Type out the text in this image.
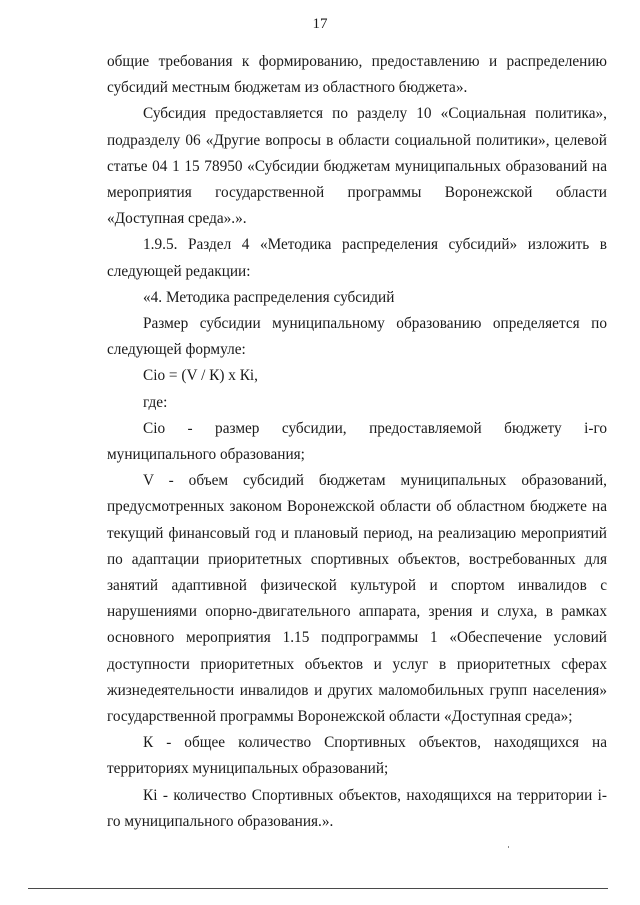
17

общие требования к формированию, предоставлению и распределению субсидий местным бюджетам из областного бюджета».

Субсидия предоставляется по разделу 10 «Социальная политика», подразделу 06 «Другие вопросы в области социальной политики», целевой статье 04 1 15 78950 «Субсидии бюджетам муниципальных образований на мероприятия государственной программы Воронежской области «Доступная среда».».

1.9.5. Раздел 4 «Методика распределения субсидий» изложить в следующей редакции:

«4. Методика распределения субсидий

Размер субсидии муниципальному образованию определяется по следующей формуле:

Сiо = (V / К) x Кi,

где:

Сiо - размер субсидии, предоставляемой бюджету i-го муниципального образования;

V - объем субсидий бюджетам муниципальных образований, предусмотренных законом Воронежской области об областном бюджете на текущий финансовый год и плановый период, на реализацию мероприятий по адаптации приоритетных спортивных объектов, востребованных для занятий адаптивной физической культурой и спортом инвалидов с нарушениями опорно-двигательного аппарата, зрения и слуха, в рамках основного мероприятия 1.15 подпрограммы 1 «Обеспечение условий доступности приоритетных объектов и услуг в приоритетных сферах жизнедеятельности инвалидов и других маломобильных групп населения» государственной программы Воронежской области «Доступная среда»;

К - общее количество Спортивных объектов, находящихся на территориях муниципальных образований;

Кi - количество Спортивных объектов, находящихся на территории i-го муниципального образования.».
